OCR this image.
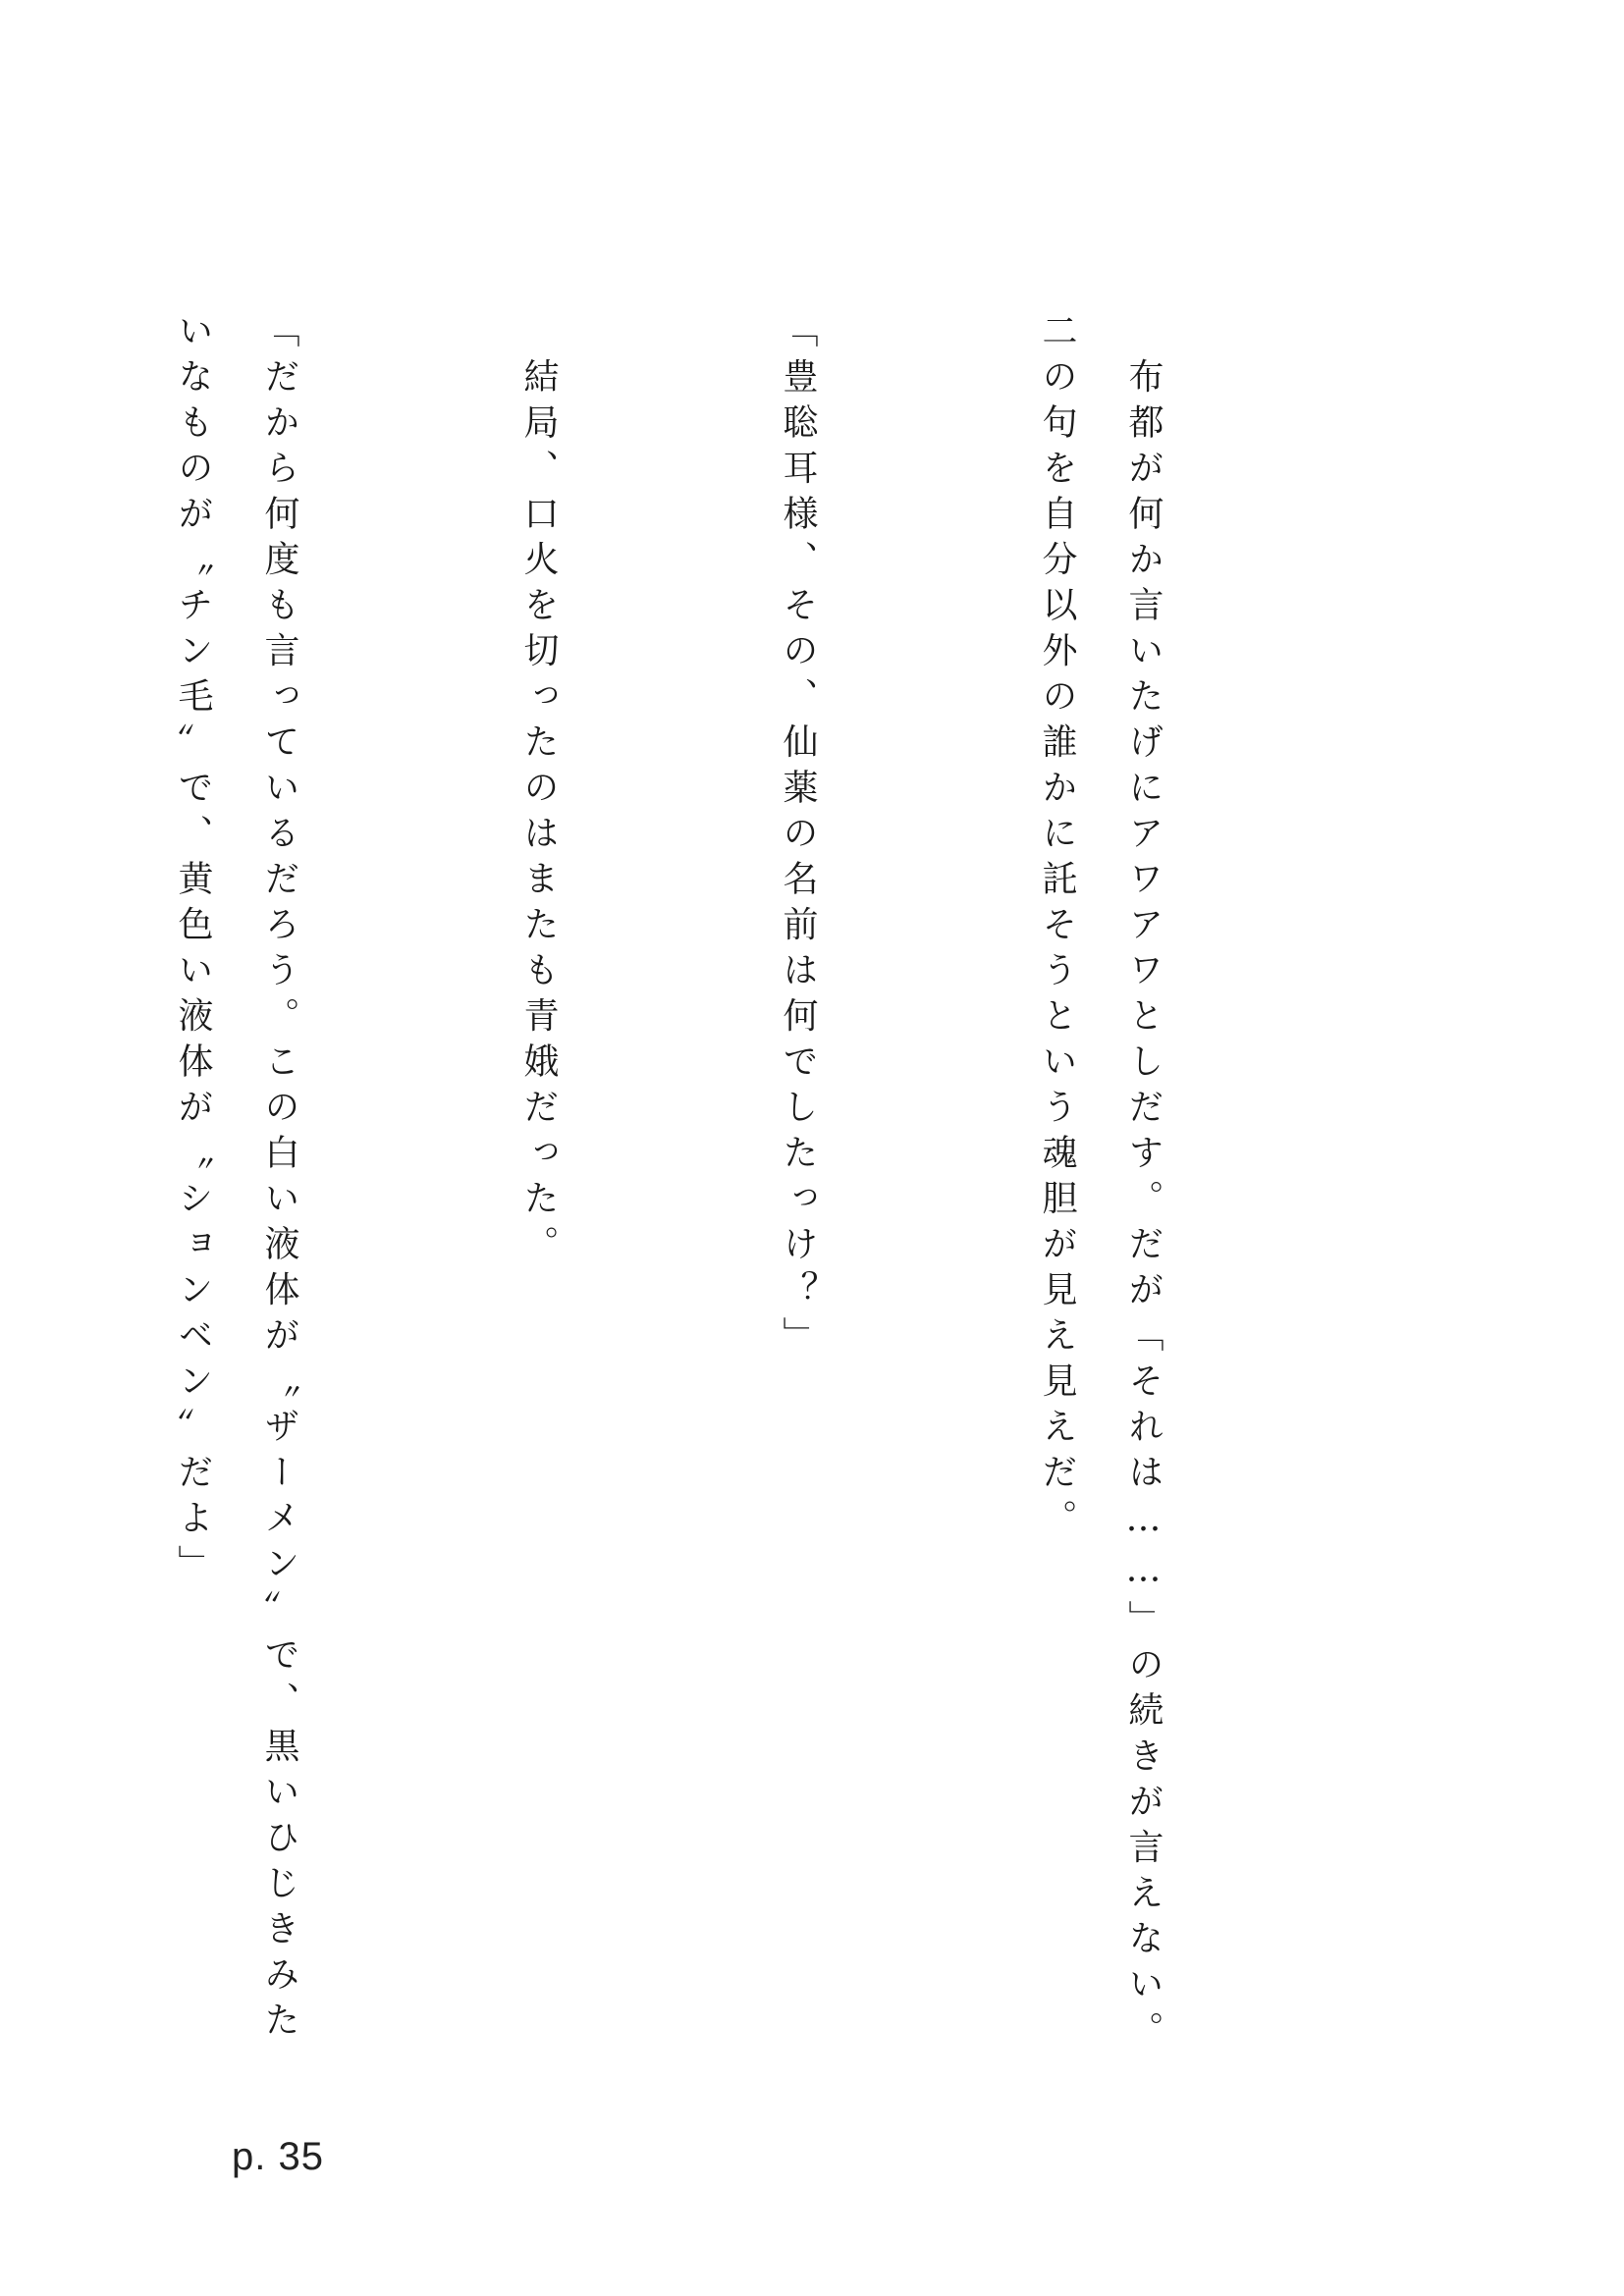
　布都が何か言いたげにアワアワとしだす。だが「それは……」の続きが言えない。二の句を自分以外の誰かに託そうという魂胆が見え見えだ。

「豊聡耳様、その、仙薬の名前は何でしたっけ？」

　結局、口火を切ったのはまたも青娥だった。

「だから何度も言っているだろう。この白い液体が〝ザーメン〟で、黒いひじきみたいなものが〝チン毛〟で、黄色い液体が〝ションベン〟だよ」

p. 35
